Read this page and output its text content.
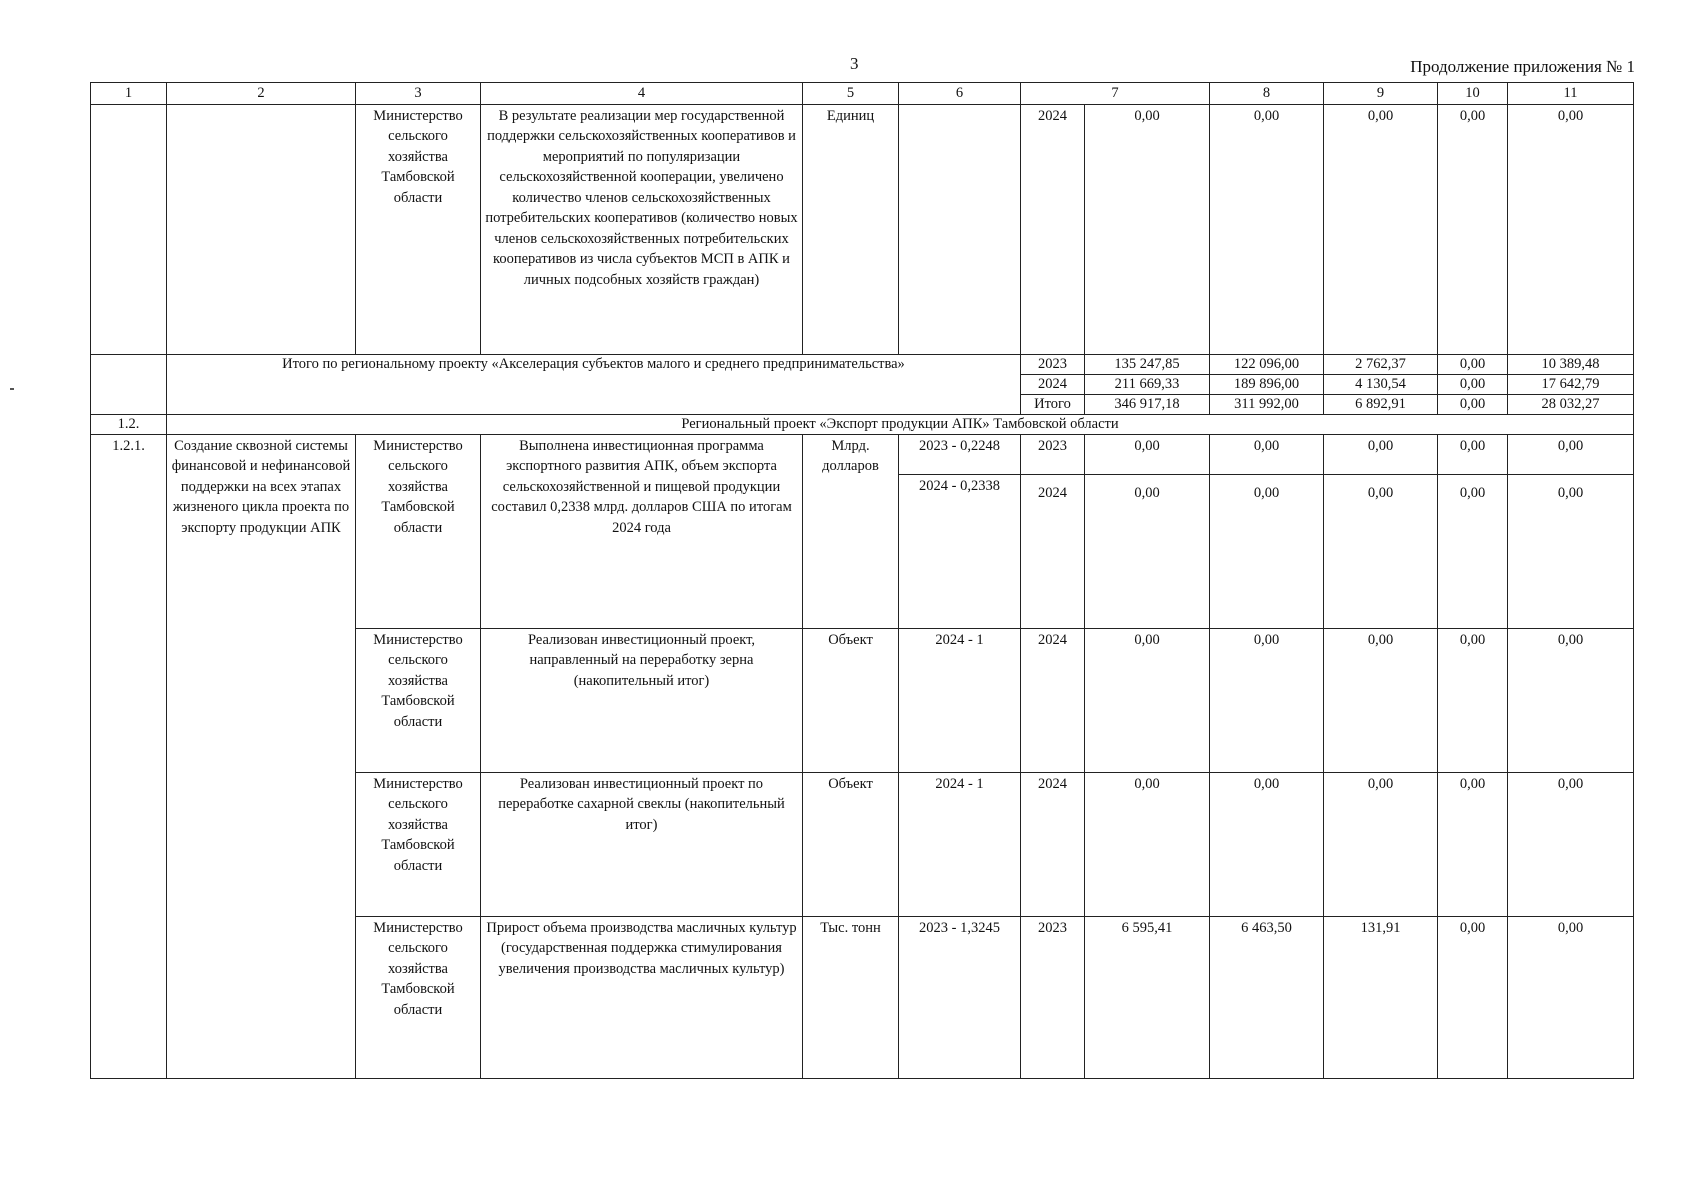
3	Продолжение приложения № 1
1	2	3	4	5	6	7		8	9	10	11
		Министерство сельского хозяйства Тамбовской области	В результате реализации мер государственной поддержки сельскохозяйственных кооперативов и мероприятий по популяризации сельскохозяйственной кооперации, увеличено количество членов сельскохозяйственных потребительских кооперативов (количество новых членов сельскохозяйственных потребительских кооперативов из числа субъектов МСП в АПК и личных подсобных хозяйств граждан)	Единиц		2024	0,00	0,00	0,00	0,00	0,00
	Итого по региональному проекту «Акселерация субъектов малого и среднего предпринимательства»					2023	135 247,85	122 096,00	2 762,37	0,00	10 389,48
						2024	211 669,33	189 896,00	4 130,54	0,00	17 642,79
						Итого	346 917,18	311 992,00	6 892,91	0,00	28 032,27
1.2.	Региональный проект «Экспорт продукции АПК» Тамбовской области										
1.2.1.	Создание сквозной системы финансовой и нефинансовой поддержки на всех этапах жизненого цикла проекта по экспорту продукции АПК	Министерство сельского хозяйства Тамбовской области	Выполнена инвестиционная программа экспортного развития АПК, объем экспорта сельскохозяйственной и пищевой продукции составил 0,2338 млрд. долларов США по итогам 2024 года	Млрд. долларов	2023 - 0,2248	2023	0,00	0,00	0,00	0,00	0,00
					2024 - 0,2338	2024	0,00	0,00	0,00	0,00	0,00
		Министерство сельского хозяйства Тамбовской области	Реализован инвестиционный проект, направленный на переработку зерна (накопительный итог)	Объект	2024 - 1	2024	0,00	0,00	0,00	0,00	0,00
		Министерство сельского хозяйства Тамбовской области	Реализован инвестиционный проект по переработке сахарной свеклы (накопительный итог)	Объект	2024 - 1	2024	0,00	0,00	0,00	0,00	0,00
		Министерство сельского хозяйства Тамбовской области	Прирост объема производства масличных культур (государственная поддержка стимулирования увеличения производства масличных культур)	Тыс. тонн	2023 - 1,3245	2023	6 595,41	6 463,50	131,91	0,00	0,00
